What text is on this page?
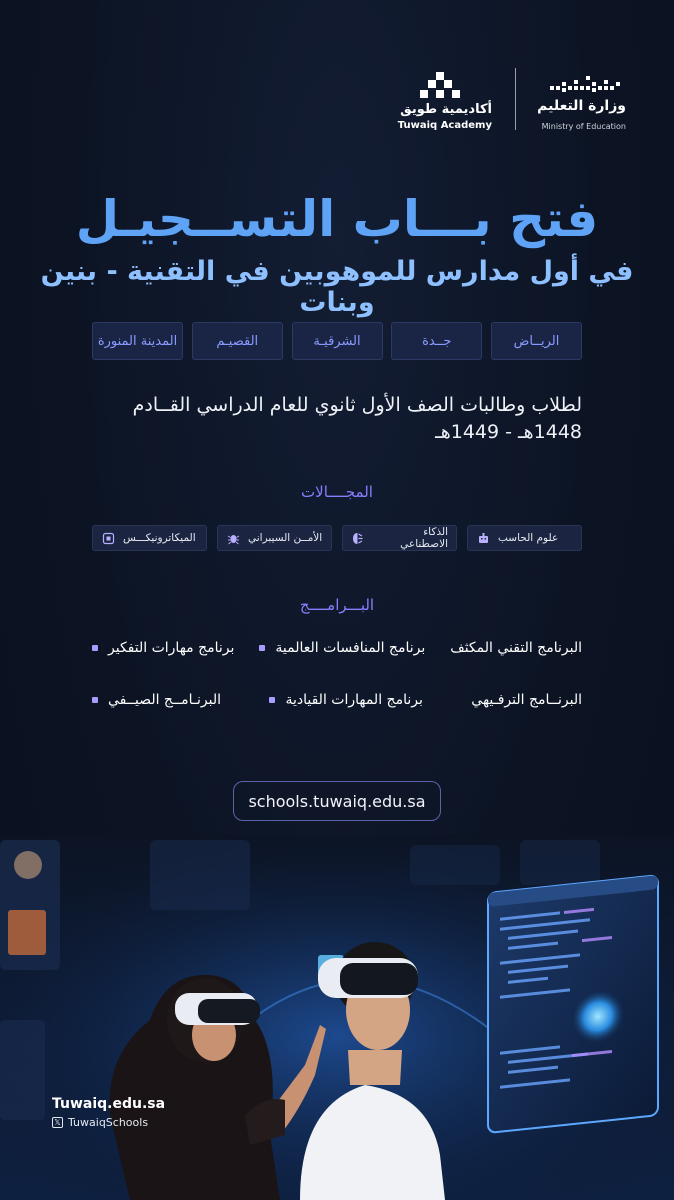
وزارة التعليم
Ministry of Education
أكاديمية طويق
Tuwaiq Academy
فتح بـــاب التســجيـل
في أول مدارس للموهوبين في التقنية - بنين وبنات
الريــاض
جــدة
الشرقيـة
القصيـم
المدينة المنورة
لطلاب وطالبات الصف الأول ثانوي للعام الدراسي القــادم
1448هـ - 1449هـ
المجــــالات
علوم الحاسب
الذكاء الاصطناعي
الأمــن السيبراني
الميكاترونيكـــس
البـــرامــــج
البرنامج التقني المكثف
برنامج المنافسات العالمية
برنامج مهارات التفكير
البرنــامج الترفـيهي
برنامج المهارات القيادية
البرنـامــج الصيــفي
schools.tuwaiq.edu.sa
Tuwaiq.edu.sa
𝕏 TuwaiqSchools
